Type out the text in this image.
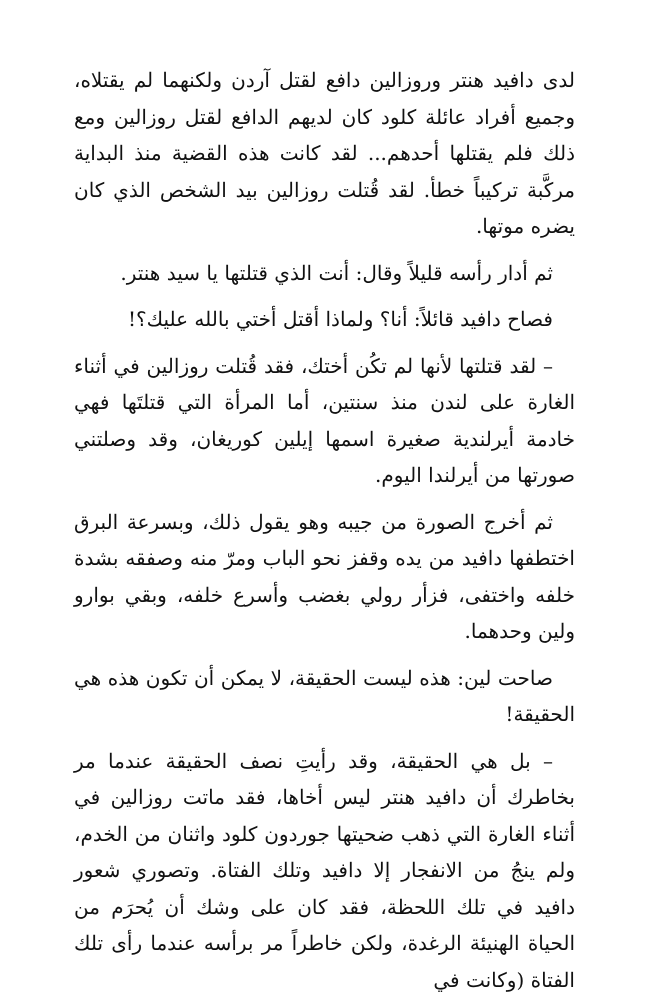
لدى دافيد هنتر وروزالين دافع لقتل آردن ولكنهما لم يقتلاه، وجميع أفراد عائلة كلود كان لديهم الدافع لقتل روزالين ومع ذلك فلم يقتلها أحدهم... لقد كانت هذه القضية منذ البداية مركَّبة تركيباً خطأ. لقد قُتلت روزالين بيد الشخص الذي كان يضره موتها.

ثم أدار رأسه قليلاً وقال: أنت الذي قتلتها يا سيد هنتر.

فصاح دافيد قائلاً: أنا؟ ولماذا أقتل أختي بالله عليك؟!

– لقد قتلتها لأنها لم تكُن أختك، فقد قُتلت روزالين في أثناء الغارة على لندن منذ سنتين، أما المرأة التي قتلتَها فهي خادمة أيرلندية صغيرة اسمها إيلين كوريغان، وقد وصلتني صورتها من أيرلندا اليوم.

ثم أخرج الصورة من جيبه وهو يقول ذلك، وبسرعة البرق اختطفها دافيد من يده وقفز نحو الباب ومرّ منه وصفقه بشدة خلفه واختفى، فزأر رولي بغضب وأسرع خلفه، وبقي بوارو ولين وحدهما.

صاحت لين: هذه ليست الحقيقة، لا يمكن أن تكون هذه هي الحقيقة!

– بل هي الحقيقة، وقد رأيتِ نصف الحقيقة عندما مر بخاطرك أن دافيد هنتر ليس أخاها، فقد ماتت روزالين في أثناء الغارة التي ذهب ضحيتها جوردون كلود واثنان من الخدم، ولم ينجُ من الانفجار إلا دافيد وتلك الفتاة. وتصوري شعور دافيد في تلك اللحظة، فقد كان على وشك أن يُحرَم من الحياة الهنيئة الرغدة، ولكن خاطراً مر برأسه عندما رأى تلك الفتاة (وكانت في
